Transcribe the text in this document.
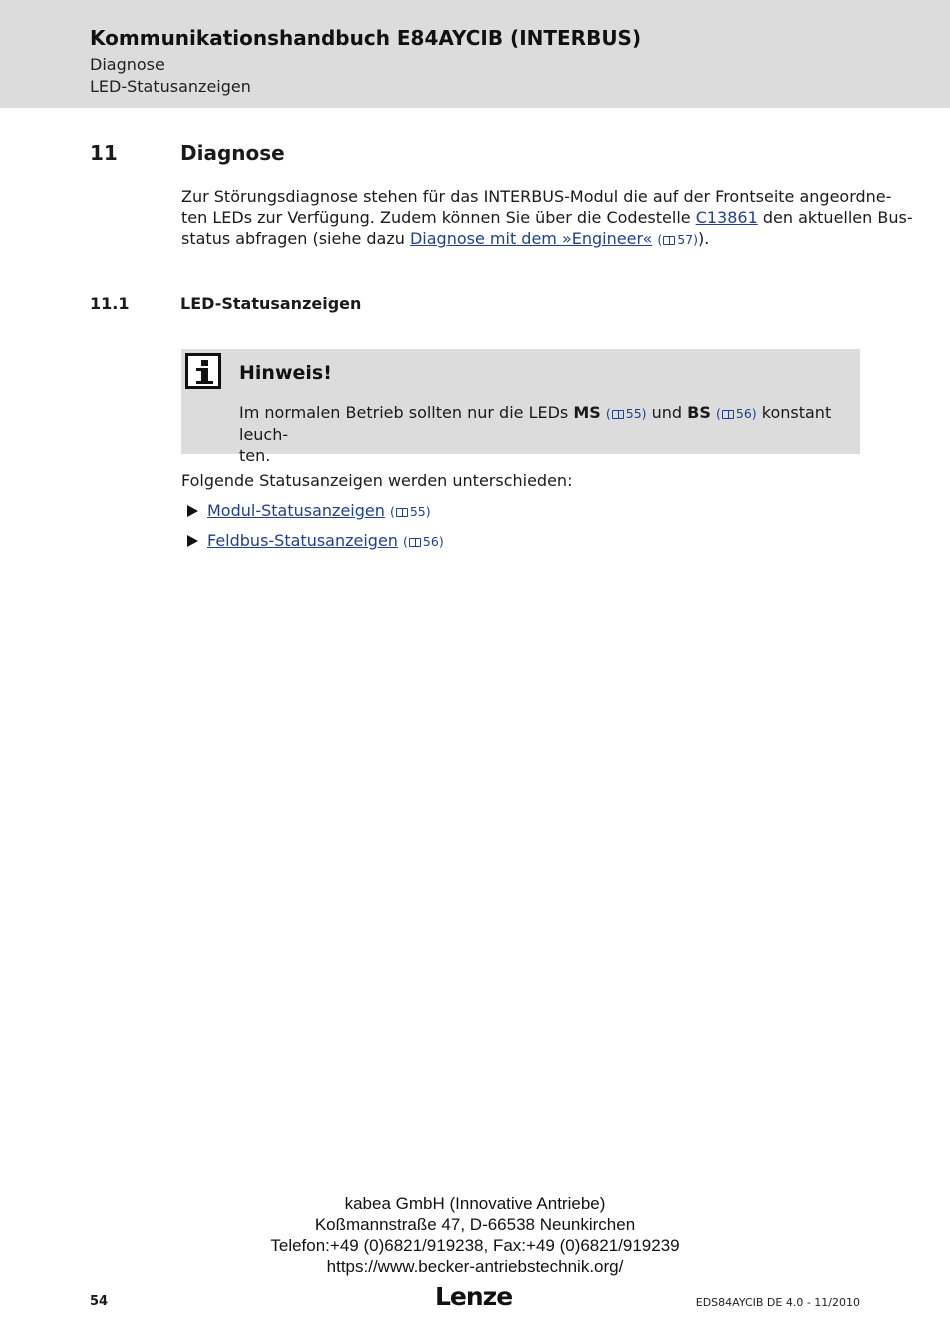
Kommunikationshandbuch E84AYCIB (INTERBUS)
Diagnose
LED-Statusanzeigen
11	Diagnose
Zur Störungsdiagnose stehen für das INTERBUS-Modul die auf der Frontseite angeordne-
ten LEDs zur Verfügung. Zudem können Sie über die Codestelle C13861 den aktuellen Bus-
status abfragen (siehe dazu Diagnose mit dem »Engineer« ( 57)).
11.1	LED-Statusanzeigen
Hinweis!
Im normalen Betrieb sollten nur die LEDs MS ( 55) und BS ( 56) konstant leuch-
ten.
Folgende Statusanzeigen werden unterschieden:
Modul-Statusanzeigen ( 55)
Feldbus-Statusanzeigen ( 56)
kabea GmbH (Innovative Antriebe)
Koßmannstraße 47, D-66538 Neunkirchen
Telefon:+49 (0)6821/919238, Fax:+49 (0)6821/919239
https://www.becker-antriebstechnik.org/
54	Lenze	EDS84AYCIB DE 4.0 - 11/2010
